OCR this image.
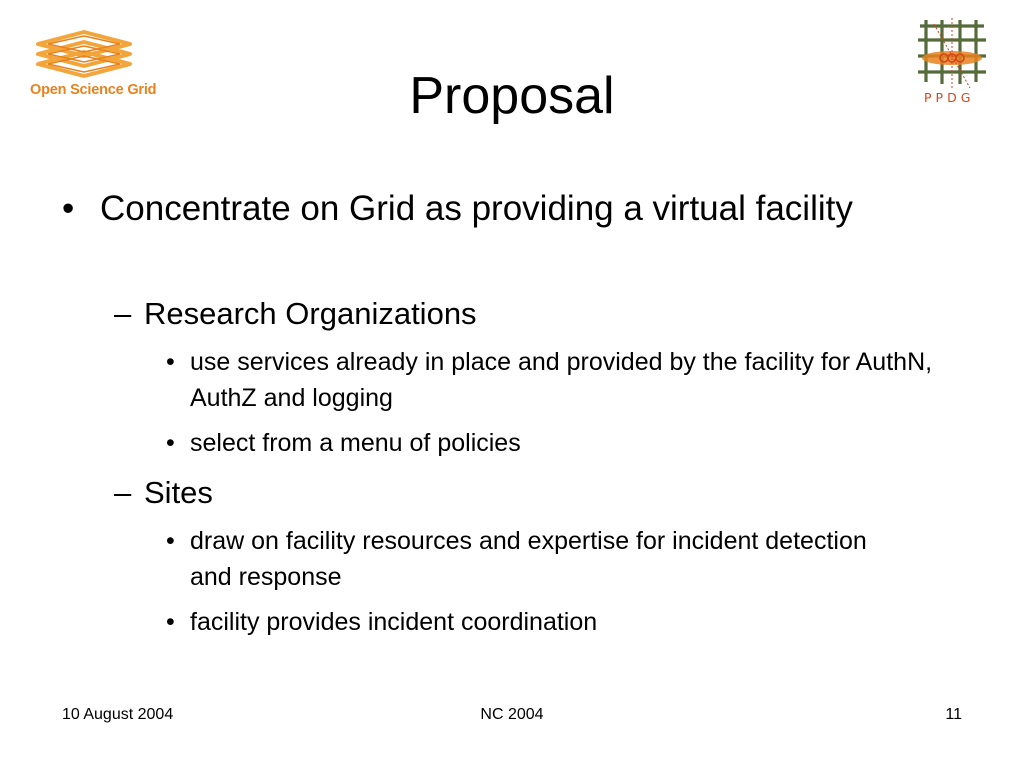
Open Science Grid	PPDG
Proposal
• Concentrate on Grid as providing a virtual facility
– Research Organizations
• use services already in place and provided by the facility for AuthN, AuthZ and logging
• select from a menu of policies
– Sites
• draw on facility resources and expertise for incident detection and response
• facility provides incident coordination
10 August 2004	NC 2004	11
